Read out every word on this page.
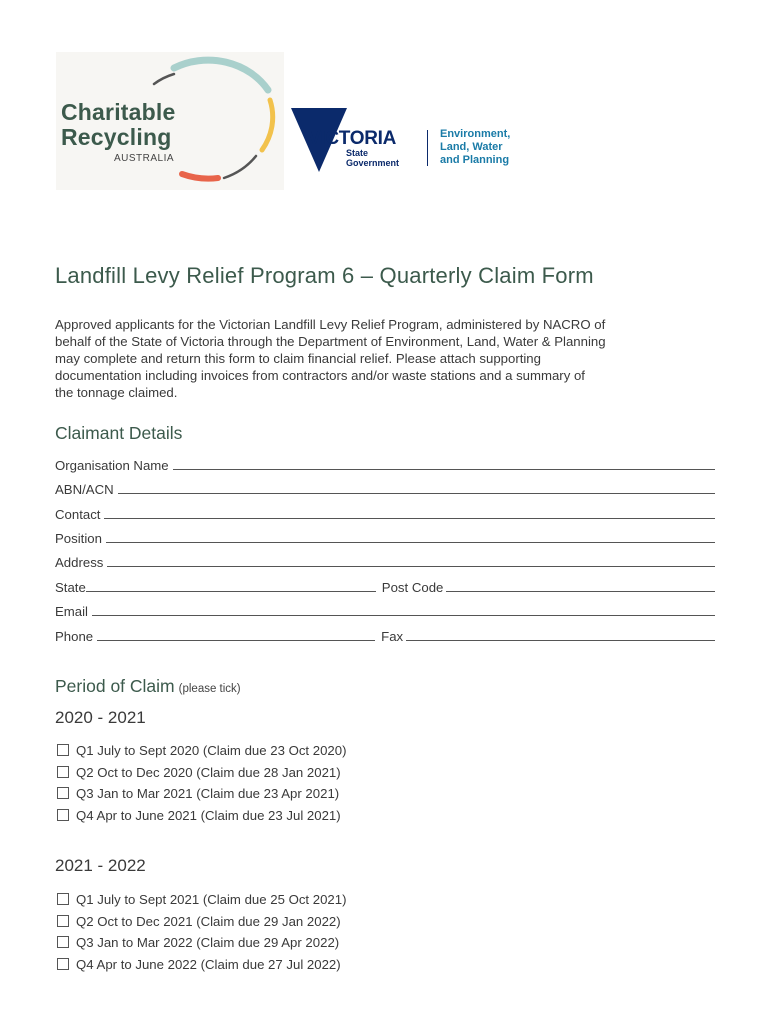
Charitable
Recycling
AUSTRALIA
VICTORIA
State
Government
Environment,
Land, Water
and Planning
Landfill Levy Relief Program 6 – Quarterly Claim Form

Approved applicants for the Victorian Landfill Levy Relief Program, administered by NACRO of
behalf of the State of Victoria through the Department of Environment, Land, Water & Planning
may complete and return this form to claim financial relief. Please attach supporting
documentation including invoices from contractors and/or waste stations and a summary of
the tonnage claimed.

Claimant Details
Organisation Name
ABN/ACN
Contact
Position
Address
State	Post Code
Email
Phone	Fax
Period of Claim (please tick)
2020 - 2021
Q1 July to Sept 2020 (Claim due 23 Oct 2020)
Q2 Oct to Dec 2020 (Claim due 28 Jan 2021)
Q3 Jan to Mar 2021 (Claim due 23 Apr 2021)
Q4 Apr to June 2021 (Claim due 23 Jul 2021)
2021 - 2022
Q1 July to Sept 2021 (Claim due 25 Oct 2021)
Q2 Oct to Dec 2021 (Claim due 29 Jan 2022)
Q3 Jan to Mar 2022 (Claim due 29 Apr 2022)
Q4 Apr to June 2022 (Claim due 27 Jul 2022)
